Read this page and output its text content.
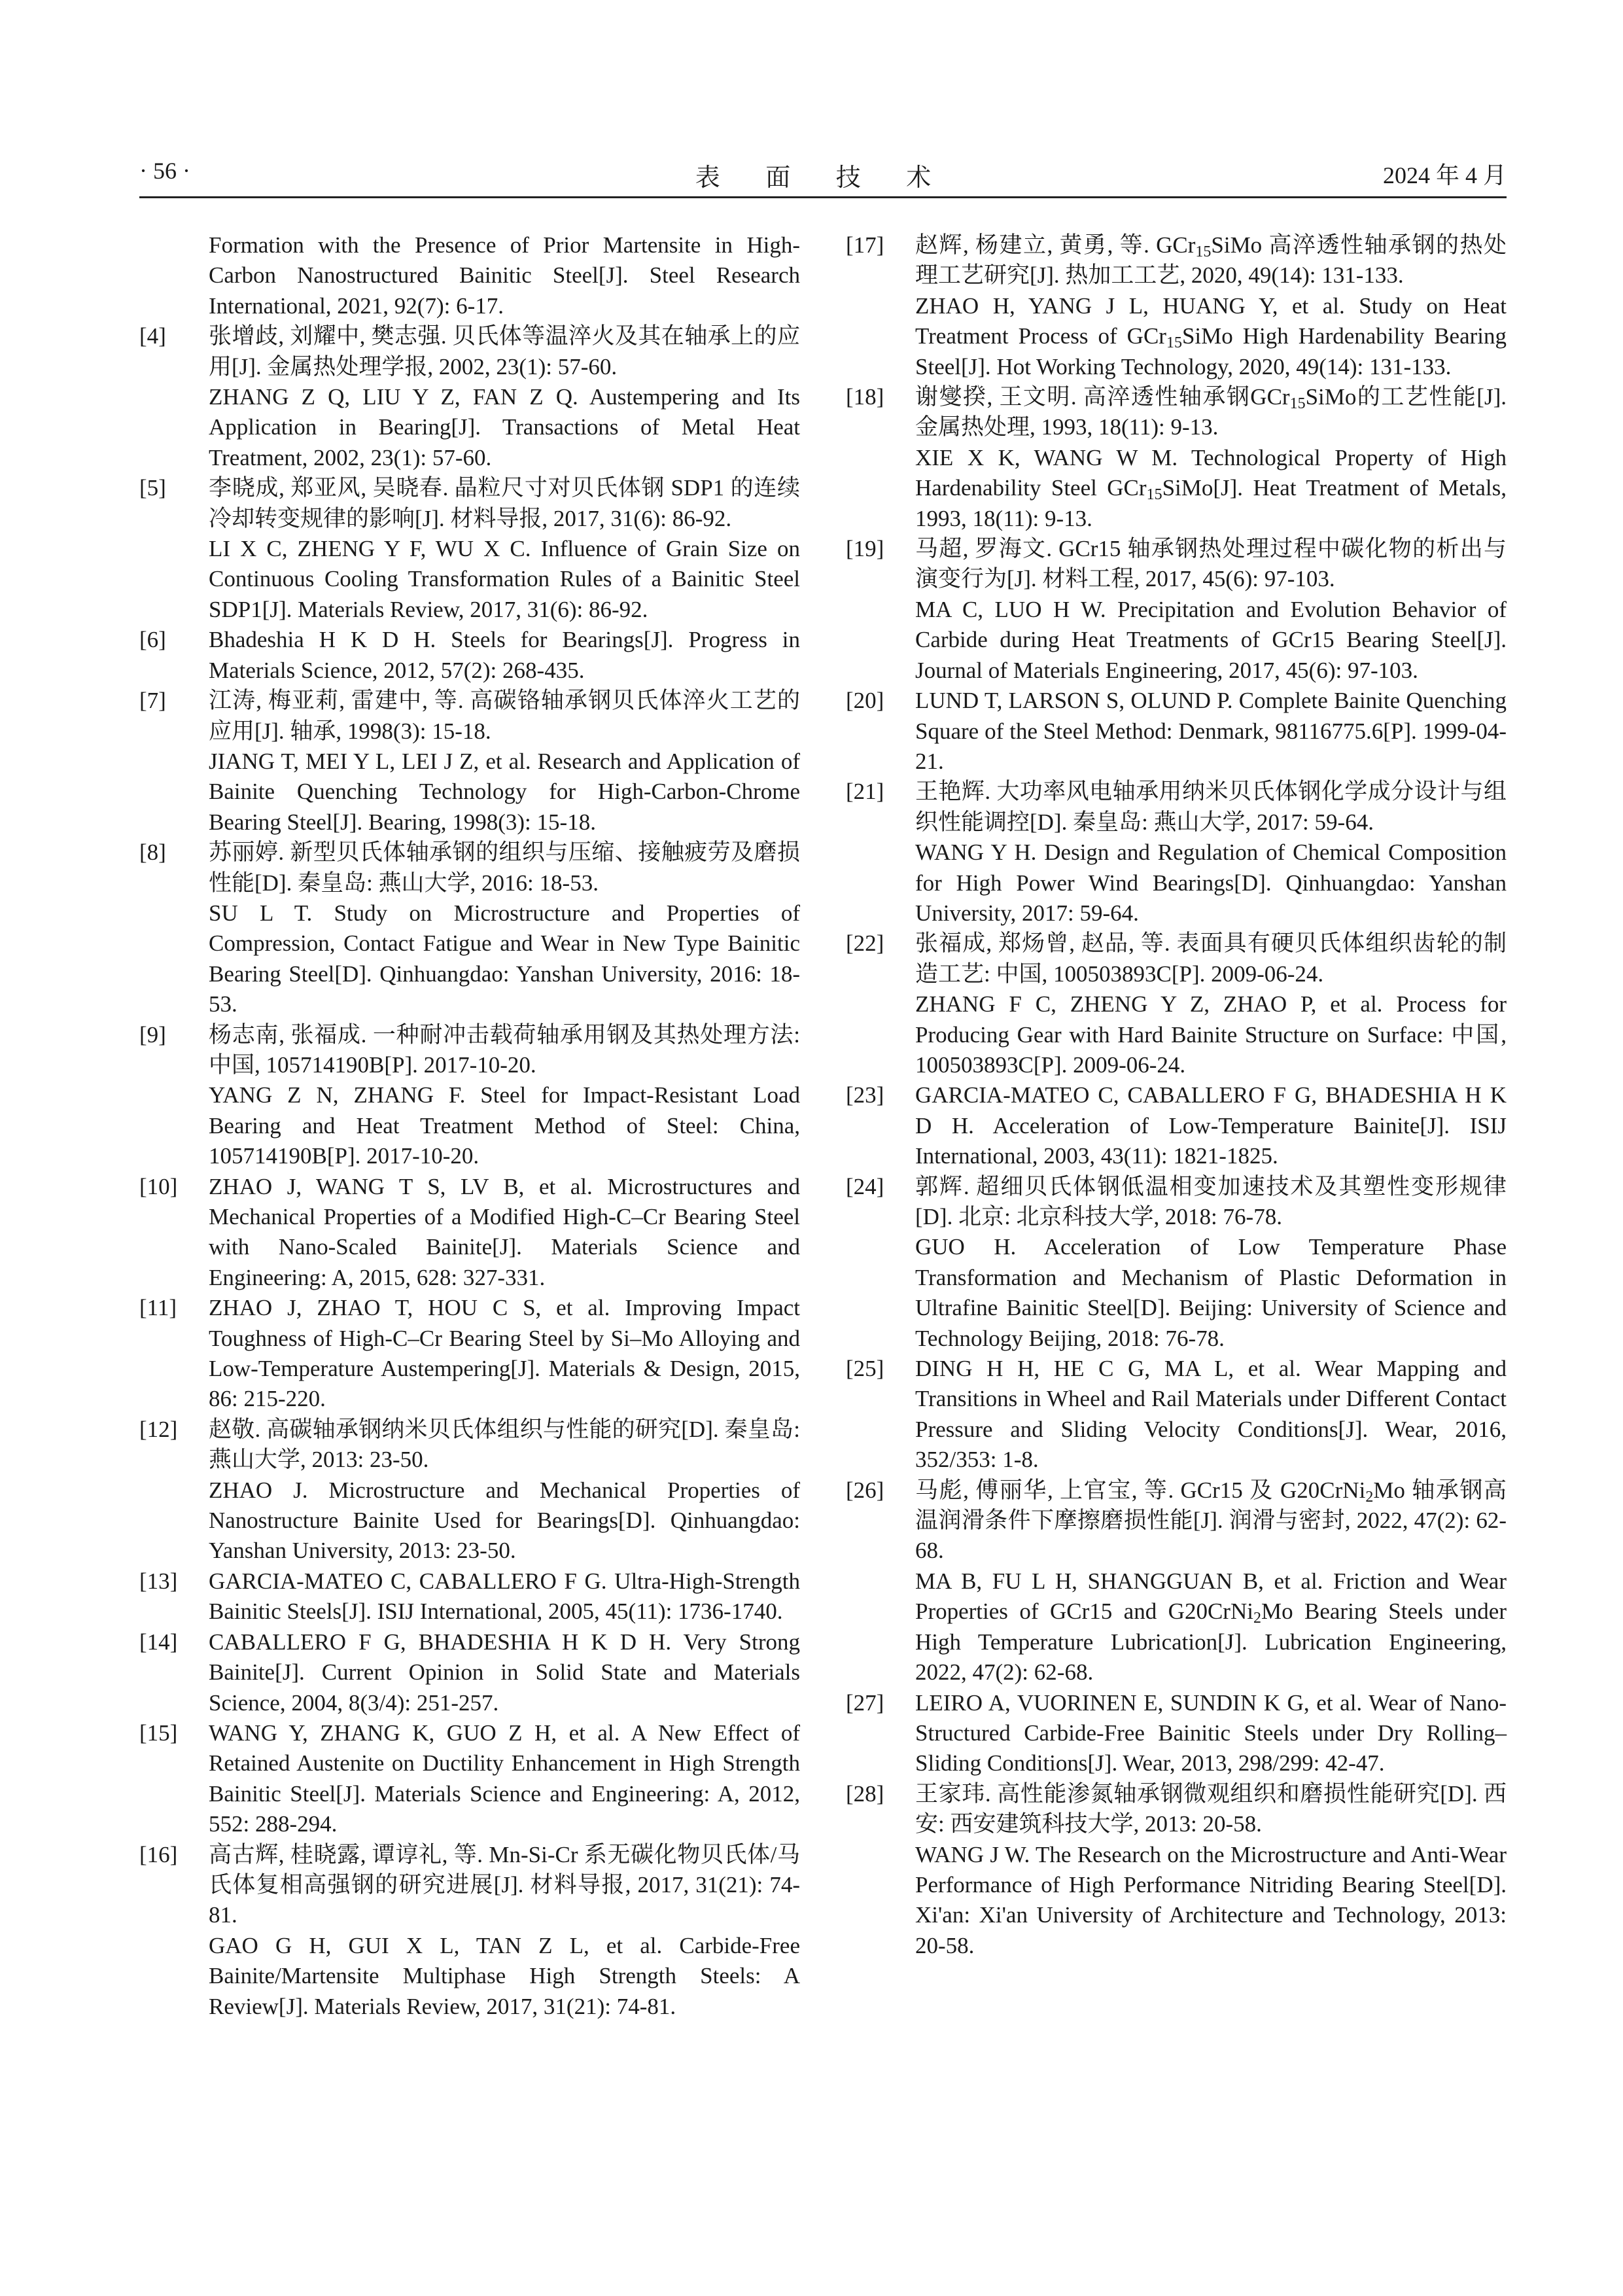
· 56 ·	表 面 技 术	2024 年 4 月
Formation with the Presence of Prior Martensite in High-Carbon Nanostructured Bainitic Steel[J]. Steel Research International, 2021, 92(7): 6-17.
[4] 张增歧, 刘耀中, 樊志强. 贝氏体等温淬火及其在轴承上的应用[J]. 金属热处理学报, 2002, 23(1): 57-60.
ZHANG Z Q, LIU Y Z, FAN Z Q. Austempering and Its Application in Bearing[J]. Transactions of Metal Heat Treatment, 2002, 23(1): 57-60.
[5] 李晓成, 郑亚风, 吴晓春. 晶粒尺寸对贝氏体钢 SDP1 的连续冷却转变规律的影响[J]. 材料导报, 2017, 31(6): 86-92.
LI X C, ZHENG Y F, WU X C. Influence of Grain Size on Continuous Cooling Transformation Rules of a Bainitic Steel SDP1[J]. Materials Review, 2017, 31(6): 86-92.
[6] Bhadeshia H K D H. Steels for Bearings[J]. Progress in Materials Science, 2012, 57(2): 268-435.
[7] 江涛, 梅亚莉, 雷建中, 等. 高碳铬轴承钢贝氏体淬火工艺的应用[J]. 轴承, 1998(3): 15-18.
JIANG T, MEI Y L, LEI J Z, et al. Research and Application of Bainite Quenching Technology for High-Carbon-Chrome Bearing Steel[J]. Bearing, 1998(3): 15-18.
[8] 苏丽婷. 新型贝氏体轴承钢的组织与压缩、接触疲劳及磨损性能[D]. 秦皇岛: 燕山大学, 2016: 18-53.
SU L T. Study on Microstructure and Properties of Compression, Contact Fatigue and Wear in New Type Bainitic Bearing Steel[D]. Qinhuangdao: Yanshan University, 2016: 18-53.
[9] 杨志南, 张福成. 一种耐冲击载荷轴承用钢及其热处理方法: 中国, 105714190B[P]. 2017-10-20.
YANG Z N, ZHANG F. Steel for Impact-Resistant Load Bearing and Heat Treatment Method of Steel: China, 105714190B[P]. 2017-10-20.
[10] ZHAO J, WANG T S, LV B, et al. Microstructures and Mechanical Properties of a Modified High-C–Cr Bearing Steel with Nano-Scaled Bainite[J]. Materials Science and Engineering: A, 2015, 628: 327-331.
[11] ZHAO J, ZHAO T, HOU C S, et al. Improving Impact Toughness of High-C–Cr Bearing Steel by Si–Mo Alloying and Low-Temperature Austempering[J]. Materials & Design, 2015, 86: 215-220.
[12] 赵敬. 高碳轴承钢纳米贝氏体组织与性能的研究[D]. 秦皇岛: 燕山大学, 2013: 23-50.
ZHAO J. Microstructure and Mechanical Properties of Nanostructure Bainite Used for Bearings[D]. Qinhuangdao: Yanshan University, 2013: 23-50.
[13] GARCIA-MATEO C, CABALLERO F G. Ultra-High-Strength Bainitic Steels[J]. ISIJ International, 2005, 45(11): 1736-1740.
[14] CABALLERO F G, BHADESHIA H K D H. Very Strong Bainite[J]. Current Opinion in Solid State and Materials Science, 2004, 8(3/4): 251-257.
[15] WANG Y, ZHANG K, GUO Z H, et al. A New Effect of Retained Austenite on Ductility Enhancement in High Strength Bainitic Steel[J]. Materials Science and Engineering: A, 2012, 552: 288-294.
[16] 高古辉, 桂晓露, 谭谆礼, 等. Mn-Si-Cr 系无碳化物贝氏体/马氏体复相高强钢的研究进展[J]. 材料导报, 2017, 31(21): 74-81.
GAO G H, GUI X L, TAN Z L, et al. Carbide-Free Bainite/Martensite Multiphase High Strength Steels: A Review[J]. Materials Review, 2017, 31(21): 74-81.
[17] 赵辉, 杨建立, 黄勇, 等. GCr$_{15}$SiMo 高淬透性轴承钢的热处理工艺研究[J]. 热加工工艺, 2020, 49(14): 131-133.
ZHAO H, YANG J L, HUANG Y, et al. Study on Heat Treatment Process of GCr$_{15}$SiMo High Hardenability Bearing Steel[J]. Hot Working Technology, 2020, 49(14): 131-133.
[18] 谢燮揆, 王文明. 高淬透性轴承钢GCr$_{15}$SiMo的工艺性能[J]. 金属热处理, 1993, 18(11): 9-13.
XIE X K, WANG W M. Technological Property of High Hardenability Steel GCr$_{15}$SiMo[J]. Heat Treatment of Metals, 1993, 18(11): 9-13.
[19] 马超, 罗海文. GCr15 轴承钢热处理过程中碳化物的析出与演变行为[J]. 材料工程, 2017, 45(6): 97-103.
MA C, LUO H W. Precipitation and Evolution Behavior of Carbide during Heat Treatments of GCr15 Bearing Steel[J]. Journal of Materials Engineering, 2017, 45(6): 97-103.
[20] LUND T, LARSON S, OLUND P. Complete Bainite Quenching Square of the Steel Method: Denmark, 98116775.6[P]. 1999-04-21.
[21] 王艳辉. 大功率风电轴承用纳米贝氏体钢化学成分设计与组织性能调控[D]. 秦皇岛: 燕山大学, 2017: 59-64.
WANG Y H. Design and Regulation of Chemical Composition for High Power Wind Bearings[D]. Qinhuangdao: Yanshan University, 2017: 59-64.
[22] 张福成, 郑炀曾, 赵品, 等. 表面具有硬贝氏体组织齿轮的制造工艺: 中国, 100503893C[P]. 2009-06-24.
ZHANG F C, ZHENG Y Z, ZHAO P, et al. Process for Producing Gear with Hard Bainite Structure on Surface: 中国, 100503893C[P]. 2009-06-24.
[23] GARCIA-MATEO C, CABALLERO F G, BHADESHIA H K D H. Acceleration of Low-Temperature Bainite[J]. ISIJ International, 2003, 43(11): 1821-1825.
[24] 郭辉. 超细贝氏体钢低温相变加速技术及其塑性变形规律[D]. 北京: 北京科技大学, 2018: 76-78.
GUO H. Acceleration of Low Temperature Phase Transformation and Mechanism of Plastic Deformation in Ultrafine Bainitic Steel[D]. Beijing: University of Science and Technology Beijing, 2018: 76-78.
[25] DING H H, HE C G, MA L, et al. Wear Mapping and Transitions in Wheel and Rail Materials under Different Contact Pressure and Sliding Velocity Conditions[J]. Wear, 2016, 352/353: 1-8.
[26] 马彪, 傅丽华, 上官宝, 等. GCr15 及 G20CrNi$_2$Mo 轴承钢高温润滑条件下摩擦磨损性能[J]. 润滑与密封, 2022, 47(2): 62-68.
MA B, FU L H, SHANGGUAN B, et al. Friction and Wear Properties of GCr15 and G20CrNi$_2$Mo Bearing Steels under High Temperature Lubrication[J]. Lubrication Engineering, 2022, 47(2): 62-68.
[27] LEIRO A, VUORINEN E, SUNDIN K G, et al. Wear of Nano-Structured Carbide-Free Bainitic Steels under Dry Rolling–Sliding Conditions[J]. Wear, 2013, 298/299: 42-47.
[28] 王家玮. 高性能渗氮轴承钢微观组织和磨损性能研究[D]. 西安: 西安建筑科技大学, 2013: 20-58.
WANG J W. The Research on the Microstructure and Anti-Wear Performance of High Performance Nitriding Bearing Steel[D]. Xi'an: Xi'an University of Architecture and Technology, 2013: 20-58.
